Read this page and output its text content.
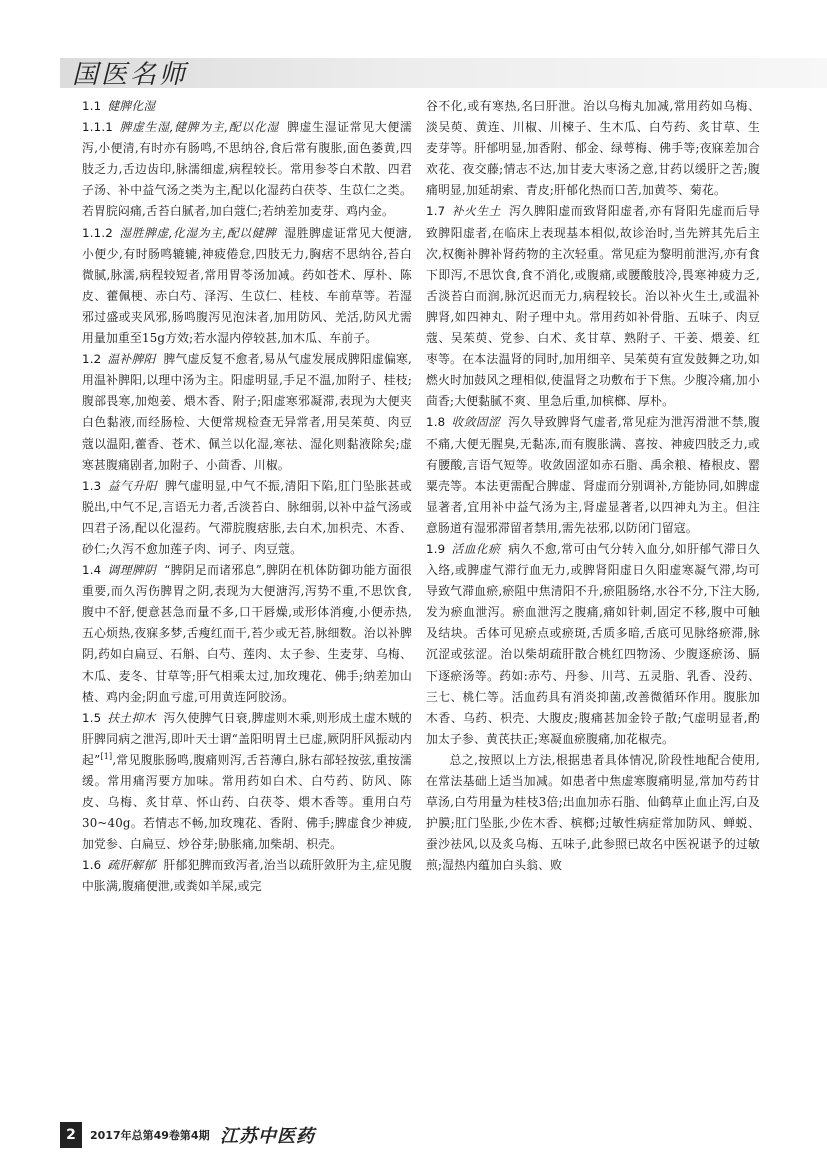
国医名师

1.1 健脾化湿

1.1.1 脾虚生湿,健脾为主,配以化湿 脾虚生湿证常见大便濡泻,小便清,有时亦有肠鸣,不思纳谷,食后常有腹胀,面色萎黄,四肢乏力,舌边齿印,脉濡细虚,病程较长。常用参苓白术散、四君子汤、补中益气汤之类为主,配以化湿药白茯苓、生苡仁之类。若胃脘闷痛,舌苔白腻者,加白蔻仁;若纳差加麦芽、鸡内金。

1.1.2 湿胜脾虚,化湿为主,配以健脾 湿胜脾虚证常见大便溏,小便少,有时肠鸣辘辘,神疲倦怠,四肢无力,胸痞不思纳谷,苔白微腻,脉濡,病程较短者,常用胃苓汤加减。药如苍术、厚朴、陈皮、藿佩梗、赤白芍、泽泻、生苡仁、桂枝、车前草等。若湿邪过盛或夹风邪,肠鸣腹泻见泡沫者,加用防风、羌活,防风尤需用量加重至15g方效;若水湿内停较甚,加木瓜、车前子。

1.2 温补脾阳 脾气虚反复不愈者,易从气虚发展成脾阳虚偏寒,用温补脾阳,以理中汤为主。阳虚明显,手足不温,加附子、桂枝;腹部畏寒,加炮姜、煨木香、附子;阳虚寒邪凝滞,表现为大便夹白色黏液,而经肠检、大便常规检查无异常者,用吴茱萸、肉豆蔻以温阳,藿香、苍术、佩兰以化湿,寒祛、湿化则黏液除矣;虚寒甚腹痛剧者,加附子、小茴香、川椒。

1.3 益气升阳 脾气虚明显,中气不振,清阳下陷,肛门坠胀甚或脱出,中气不足,言语无力者,舌淡苔白、脉细弱,以补中益气汤或四君子汤,配以化湿药。气滞脘腹痞胀,去白术,加枳壳、木香、砂仁;久泻不愈加莲子肉、诃子、肉豆蔻。

1.4 调理脾阴 “脾阴足而诸邪息”,脾阴在机体防御功能方面很重要,而久泻伤脾胃之阴,表现为大便溏泻,泻势不重,不思饮食,腹中不舒,便意甚急而量不多,口干唇燥,或形体消瘦,小便赤热,五心烦热,夜寐多梦,舌瘦红而干,苔少或无苔,脉细数。治以补脾阴,药如白扁豆、石斛、白芍、莲肉、太子参、生麦芽、乌梅、木瓜、麦冬、甘草等;肝气相乘太过,加玫瑰花、佛手;纳差加山楂、鸡内金;阴血亏虚,可用黄连阿胶汤。

1.5 扶土抑木 泻久使脾气日衰,脾虚则木乘,则形成土虚木贼的肝脾同病之泄泻,即叶天士谓“盖阳明胃土已虚,厥阴肝风振动内起”[1],常见腹胀肠鸣,腹痛则泻,舌苔薄白,脉右部轻按弦,重按濡缓。常用痛泻要方加味。常用药如白术、白芍药、防风、陈皮、乌梅、炙甘草、怀山药、白茯苓、煨木香等。重用白芍30~40g。若情志不畅,加玫瑰花、香附、佛手;脾虚食少神疲,加党参、白扁豆、炒谷芽;胁胀痛,加柴胡、枳壳。

1.6 疏肝解郁 肝郁犯脾而致泻者,治当以疏肝敛肝为主,症见腹中胀满,腹痛便泄,或粪如羊屎,或完

谷不化,或有寒热,名曰肝泄。治以乌梅丸加减,常用药如乌梅、淡吴萸、黄连、川椒、川楝子、生木瓜、白芍药、炙甘草、生麦芽等。肝郁明显,加香附、郁金、绿萼梅、佛手等;夜寐差加合欢花、夜交藤;情志不达,加甘麦大枣汤之意,甘药以缓肝之苦;腹痛明显,加延胡索、青皮;肝郁化热而口苦,加黄芩、菊花。

1.7 补火生土 泻久脾阳虚而致肾阳虚者,亦有肾阳先虚而后导致脾阳虚者,在临床上表现基本相似,故诊治时,当先辨其先后主次,权衡补脾补肾药物的主次轻重。常见症为黎明前泄泻,亦有食下即泻,不思饮食,食不消化,或腹痛,或腰酸肢冷,畏寒神疲力乏,舌淡苔白而润,脉沉迟而无力,病程较长。治以补火生土,或温补脾肾,如四神丸、附子理中丸。常用药如补骨脂、五味子、肉豆蔻、吴茱萸、党参、白术、炙甘草、熟附子、干姜、煨姜、红枣等。在本法温肾的同时,加用细辛、吴茱萸有宣发鼓舞之功,如燃火时加鼓风之理相似,使温肾之功敷布于下焦。少腹冷痛,加小茴香;大便黏腻不爽、里急后重,加槟榔、厚朴。

1.8 收敛固涩 泻久导致脾肾气虚者,常见症为泄泻滑泄不禁,腹不痛,大便无腥臭,无黏冻,而有腹胀满、喜按、神疲四肢乏力,或有腰酸,言语气短等。收敛固涩如赤石脂、禹余粮、椿根皮、罂粟壳等。本法更需配合脾虚、肾虚而分别调补,方能协同,如脾虚显著者,宜用补中益气汤为主,肾虚显著者,以四神丸为主。但注意肠道有湿邪滞留者禁用,需先祛邪,以防闭门留寇。

1.9 活血化瘀 病久不愈,常可由气分转入血分,如肝郁气滞日久入络,或脾虚气滞行血无力,或脾肾阳虚日久阳虚寒凝气滞,均可导致气滞血瘀,瘀阻中焦清阳不升,瘀阻肠络,水谷不分,下注大肠,发为瘀血泄泻。瘀血泄泻之腹痛,痛如针刺,固定不移,腹中可触及结块。舌体可见瘀点或瘀斑,舌质多暗,舌底可见脉络瘀滞,脉沉涩或弦涩。治以柴胡疏肝散合桃红四物汤、少腹逐瘀汤、膈下逐瘀汤等。药如:赤芍、丹参、川芎、五灵脂、乳香、没药、三七、桃仁等。活血药具有消炎抑菌,改善微循环作用。腹胀加木香、乌药、枳壳、大腹皮;腹痛甚加金铃子散;气虚明显者,酌加太子参、黄芪扶正;寒凝血瘀腹痛,加花椒壳。

总之,按照以上方法,根据患者具体情况,阶段性地配合使用,在常法基础上适当加减。如患者中焦虚寒腹痛明显,常加芍药甘草汤,白芍用量为桂枝3倍;出血加赤石脂、仙鹤草止血止泻,白及护膜;肛门坠胀,少佐木香、槟榔;过敏性病症常加防风、蝉蜕、蚕沙祛风,以及炙乌梅、五味子,此参照已故名中医祝谌予的过敏煎;湿热内蕴加白头翁、败

2	2017年总第49卷第4期 江苏中医药
